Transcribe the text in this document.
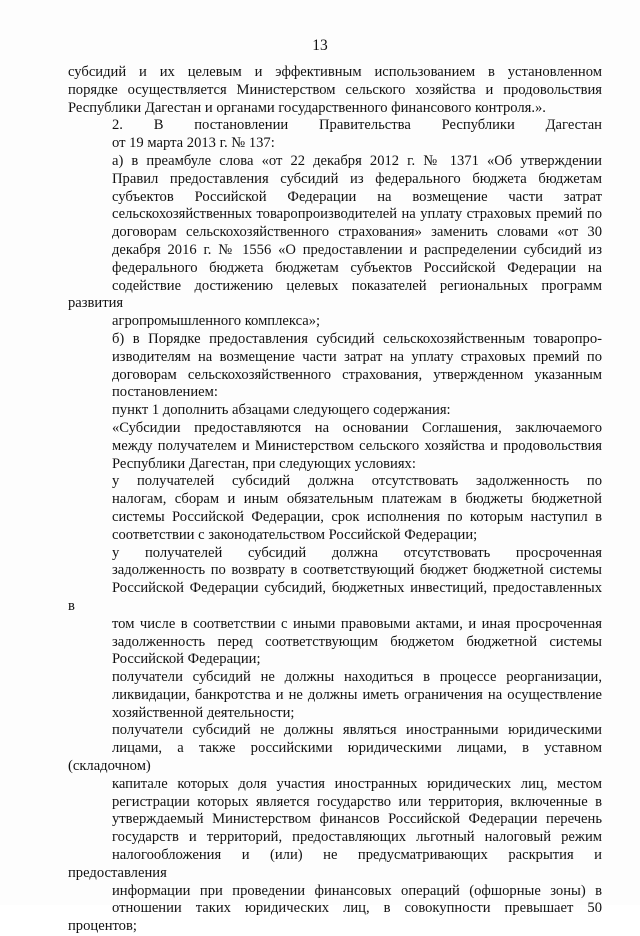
13

субсидий и их целевым и эффективным использованием в установленном
порядке осуществляется Министерством сельского хозяйства и продовольствия
Республики Дагестан и органами государственного финансового контроля.».

2. В постановлении Правительства Республики Дагестан
от 19 марта 2013 г. № 137:

а) в преамбуле слова «от 22 декабря 2012 г. № 1371 «Об утверждении
Правил предоставления субсидий из федерального бюджета бюджетам
субъектов Российской Федерации на возмещение части затрат
сельскохозяйственных товаропроизводителей на уплату страховых премий по
договорам сельскохозяйственного страхования» заменить словами «от 30
декабря 2016 г. № 1556 «О предоставлении и распределении субсидий из
федерального бюджета бюджетам субъектов Российской Федерации на
содействие достижению целевых показателей региональных программ развития
агропромышленного комплекса»;

б) в Порядке предоставления субсидий сельскохозяйственным товаропро-
изводителям на возмещение части затрат на уплату страховых премий по
договорам сельскохозяйственного страхования, утвержденном указанным
постановлением:

пункт 1 дополнить абзацами следующего содержания:

«Субсидии предоставляются на основании Соглашения, заключаемого
между получателем и Министерством сельского хозяйства и продовольствия
Республики Дагестан, при следующих условиях:

у получателей субсидий должна отсутствовать задолженность по
налогам, сборам и иным обязательным платежам в бюджеты бюджетной
системы Российской Федерации, срок исполнения по которым наступил в
соответствии с законодательством Российской Федерации;

у получателей субсидий должна отсутствовать просроченная
задолженность по возврату в соответствующий бюджет бюджетной системы
Российской Федерации субсидий, бюджетных инвестиций, предоставленных в
том числе в соответствии с иными правовыми актами, и иная просроченная
задолженность перед соответствующим бюджетом бюджетной системы
Российской Федерации;

получатели субсидий не должны находиться в процессе реорганизации,
ликвидации, банкротства и не должны иметь ограничения на осуществление
хозяйственной деятельности;

получатели субсидий не должны являться иностранными юридическими
лицами, а также российскими юридическими лицами, в уставном (складочном)
капитале которых доля участия иностранных юридических лиц, местом
регистрации которых является государство или территория, включенные в
утверждаемый Министерством финансов Российской Федерации перечень
государств и территорий, предоставляющих льготный налоговый режим
налогообложения и (или) не предусматривающих раскрытия и предоставления
информации при проведении финансовых операций (офшорные зоны) в
отношении таких юридических лиц, в совокупности превышает 50 процентов;
